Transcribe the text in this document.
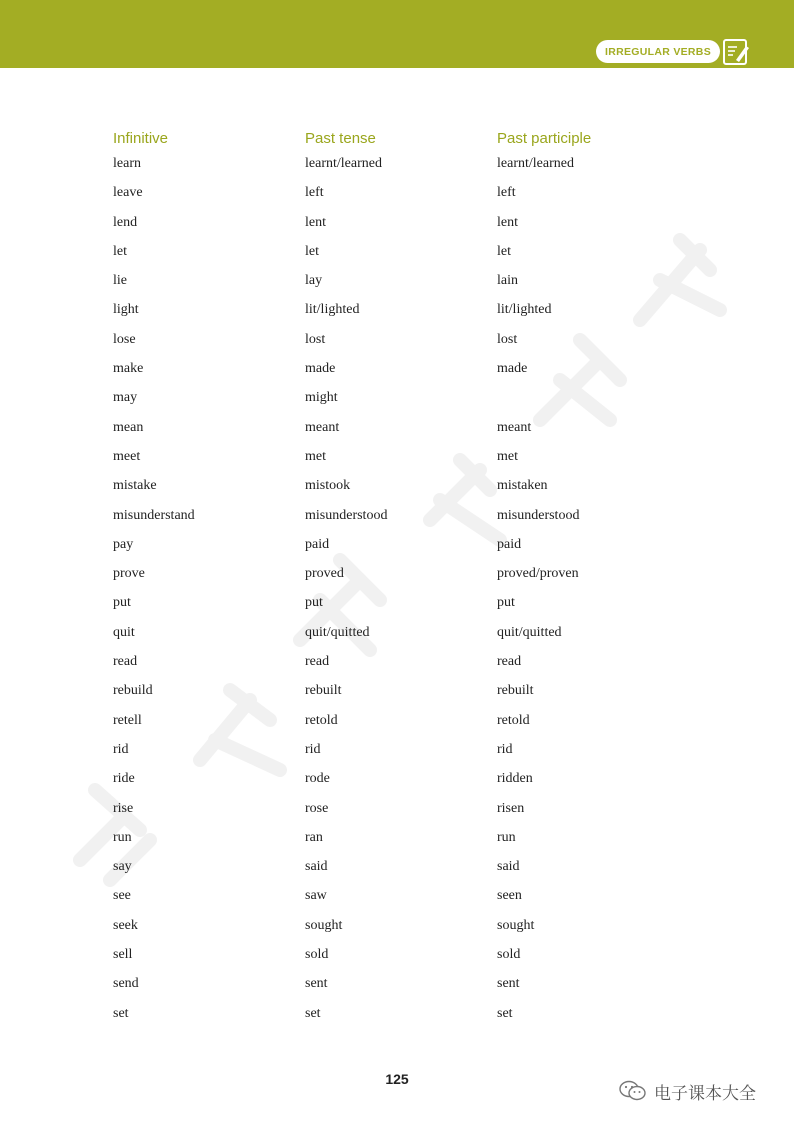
IRREGULAR VERBS
Infinitive	Past tense	Past participle
learn	learnt/learned	learnt/learned
leave	left	left
lend	lent	lent
let	let	let
lie	lay	lain
light	lit/lighted	lit/lighted
lose	lost	lost
make	made	made
may	might
mean	meant	meant
meet	met	met
mistake	mistook	mistaken
misunderstand	misunderstood	misunderstood
pay	paid	paid
prove	proved	proved/proven
put	put	put
quit	quit/quitted	quit/quitted
read	read	read
rebuild	rebuilt	rebuilt
retell	retold	retold
rid	rid	rid
ride	rode	ridden
rise	rose	risen
run	ran	run
say	said	said
see	saw	seen
seek	sought	sought
sell	sold	sold
send	sent	sent
set	set	set
125
电子课本大全
